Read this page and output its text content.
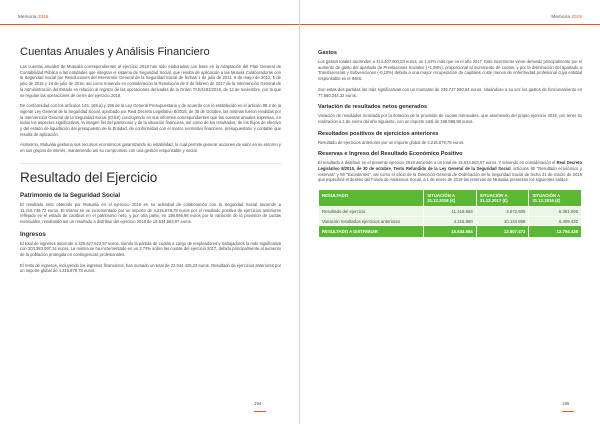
Memoria 2018
Cuentas Anuales y Análisis Financiero

Las cuentas anuales de Mutualia correspondientes al ejercicio 2018 han sido elaboradas con base en la Adaptación del Plan General de Contabilidad Pública a las entidades que integran el sistema de Seguridad Social, que resulta de aplicación a las Mutuas Colaboradoras con la Seguridad Social por Resoluciones del Interventor General de la Seguridad Social de fechas 1 de julio de 2011, 9 de mayo de 2012, 5 de julio de 2016 y 18 de julio de 2016, así como teniendo en consideración la Resolución de 9 de febrero de 2017 de la Intervención General de la Administración del Estado en relación al registro de las operaciones derivadas de la Orden TAS/1182/2018, de 12 de noviembre, por la que se regulan las operaciones de cierre del ejercicio 2018.

De conformidad con los artículos 143, 168.a) y 169 de la Ley General Presupuestaria y de acuerdo con lo establecido en el artículo 98.2 de la vigente Ley General de la Seguridad Social, aprobado por Real Decreto Legislativo 8/2015, de 30 de Octubre, las mismas fueron rendidas por la Intervención General de la Seguridad Social (IGSS) concluyendo en sus informes correspondientes que las cuentas anuales expresan, en todos los aspectos significativos, la imagen fiel del patrimonio y de la situación financiera, así como de los resultados, de los flujos de efectivo y del estado de liquidación del presupuesto de la Entidad, de conformidad con el marco normativo financiero, presupuestario y contable que resulta de aplicación.

Asimismo, Mutualia gestiona sus recursos económicos garantizando su estabilidad, lo cual permite generar acciones de valor en su entorno y en sus grupos de interés, manteniendo así su compromiso con una gestión responsable y social.

Resultado del Ejercicio
Patrimonio de la Seguridad Social

El resultado neto obtenido por Mutualia en el ejercicio 2018 en su actividad de colaboración con la Seguridad Social asciende a 11.210.748,72 euros. El mismo se ve incrementado por un importe de 4.215.879,78 euros por el resultado positivo de ejercicios anteriores reflejado en el estado de cambios en el patrimonio neto, y por otra parte, en 198.996,98 euros por la variación de la provisión de cuotas mensuales, resultando así un resultado a distribuir del ejercicio 2018 de 15.634.563,97 euros.

Ingresos

El total de ingresos asciende a 325.627.522,57 euros, siendo la partida de cuotas a cargo de empleadores y trabajadores la más significativa con 303.383.097,34 euros. La misma se ha incrementado en un 2,73% sobre las cuotas del ejercicio 2017, debido principalmente al aumento de la población protegida en contingencias profesionales.

El resto de ingresos, incluyendo los ingresos financieros, han sumado un total de 22.044.425,23 euros. Resultado de ejercicios anteriores por un importe global de 4.215.879,78 euros.

194
Memoria 2018
Gastos

Los gastos totales ascienden a 314.407.803,53 euros, un 1,02% más que en el año 2017. Este incremento viene derivado principalmente por el aumento de gasto del apartado de Prestaciones Sociales (+1,08%), proporcional al incremento de cuotas, y por la disminución del apartado a Transferencias y Subvenciones (-0,10%) debido a una mayor recuperación de capitales coste menos de enfermedad profesional cuya entidad responsable es el INSS.

Son estas dos partidas las más significativas con un montante de 236.747.590,84 euros, situándose a su vez los gastos de funcionamiento en 77.660.244,32 euros.

Variación de resultados netos generados

Variación de resultados motivada por la dotación de la provisión de cuotas mensuales, que asumiendo del propio ejercicio 2018, por tener su realización a 1 de enero del año siguiente, con un importe total de 198.996,98 euros.

Resultados positivos de ejercicios anteriores

Resultado de ejercicios anteriores por un importe global de 4.215.879,78 euros.

Reservas e Ingreso del Resultado Económico Positivo

El resultado a distribuir en el presente ejercicio 2018 asciende a un total de 15.634.563,97 euros. Y teniendo en consideración el Real Decreto Legislativo 8/2015, de 30 de octubre, Texto Refundido de la Ley General de la Seguridad Social, artículos 95 "Resultado económico y reservas" y 96 "Excedentes", así como el oficio de la Dirección General de Ordenación de la Seguridad Social de fecha 31 de marzo de 2016 que especifica el destino del Fondo de Asistencia Social, a 1 de enero de 2019 las reservas de Mutualia presentan los siguientes saldos:

RESULTADO	SITUACIÓN A 31.12.2018 (€)	SITUACIÓN A 31.12.2017 (€)	SITUACIÓN A 31.12.2016 (€)
Resultado del ejercicio	11.418.684	3.672.605	6.381.006
Variación resultados ejercicios anteriores	4.215.880	10.134.868	6.409.432
RESULTADO A DISTRIBUIR	15.634.564	13.807.473	12.794.438
195
